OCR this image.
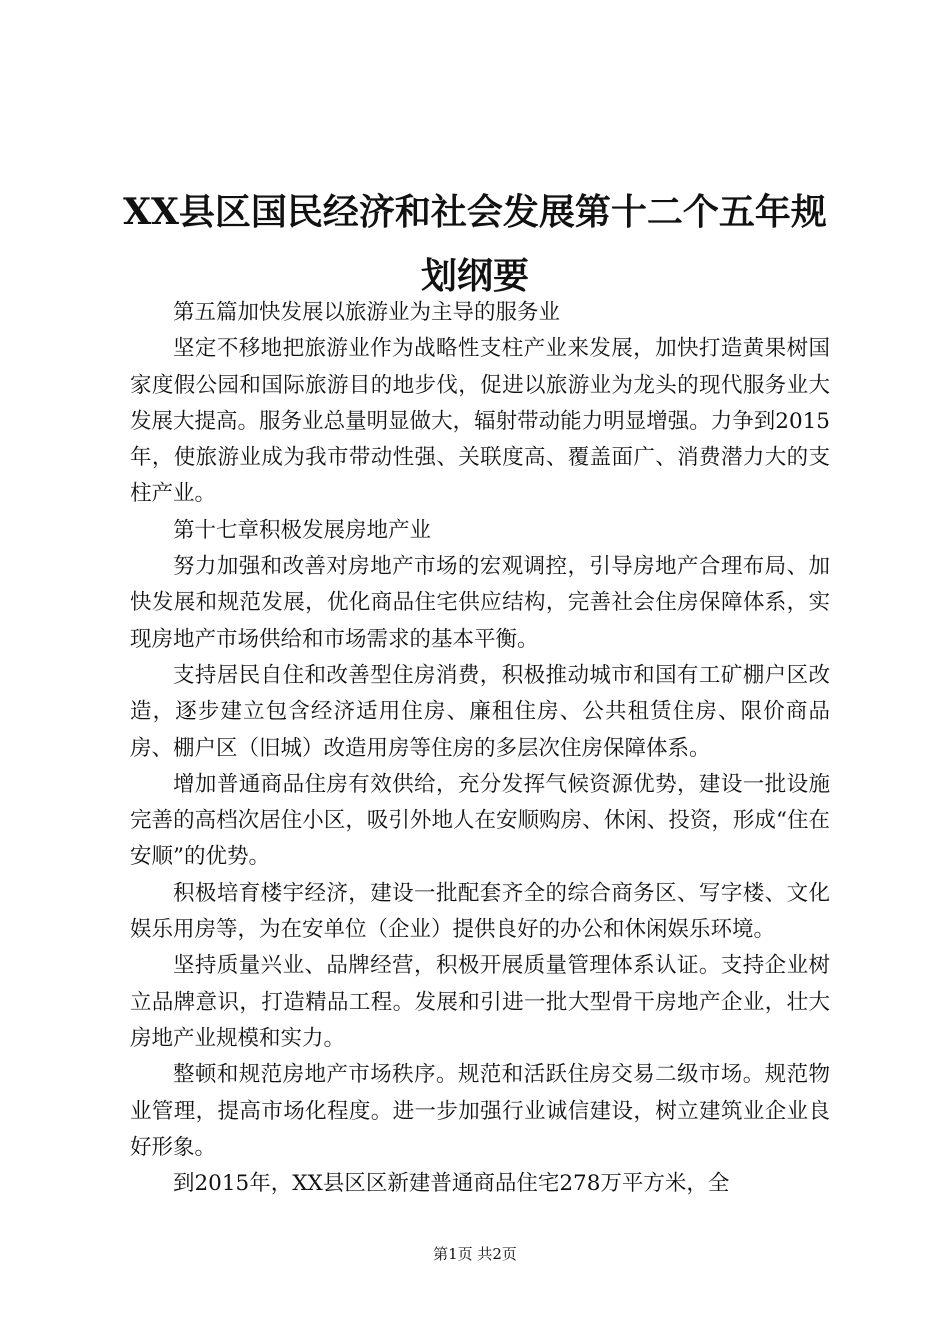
XX县区国民经济和社会发展第十二个五年规划纲要

第五篇加快发展以旅游业为主导的服务业

坚定不移地把旅游业作为战略性支柱产业来发展，加快打造黄果树国家度假公园和国际旅游目的地步伐，促进以旅游业为龙头的现代服务业大发展大提高。服务业总量明显做大，辐射带动能力明显增强。力争到2015年，使旅游业成为我市带动性强、关联度高、覆盖面广、消费潜力大的支柱产业。

第十七章积极发展房地产业

努力加强和改善对房地产市场的宏观调控，引导房地产合理布局、加快发展和规范发展，优化商品住宅供应结构，完善社会住房保障体系，实现房地产市场供给和市场需求的基本平衡。

支持居民自住和改善型住房消费，积极推动城市和国有工矿棚户区改造，逐步建立包含经济适用住房、廉租住房、公共租赁住房、限价商品房、棚户区（旧城）改造用房等住房的多层次住房保障体系。

增加普通商品住房有效供给，充分发挥气候资源优势，建设一批设施完善的高档次居住小区，吸引外地人在安顺购房、休闲、投资，形成“住在安顺”的优势。

积极培育楼宇经济，建设一批配套齐全的综合商务区、写字楼、文化娱乐用房等，为在安单位（企业）提供良好的办公和休闲娱乐环境。

坚持质量兴业、品牌经营，积极开展质量管理体系认证。支持企业树立品牌意识，打造精品工程。发展和引进一批大型骨干房地产企业，壮大房地产业规模和实力。

整顿和规范房地产市场秩序。规范和活跃住房交易二级市场。规范物业管理，提高市场化程度。进一步加强行业诚信建设，树立建筑业企业良好形象。

到2015年，XX县区区新建普通商品住宅278万平方米，全

第1页 共2页
